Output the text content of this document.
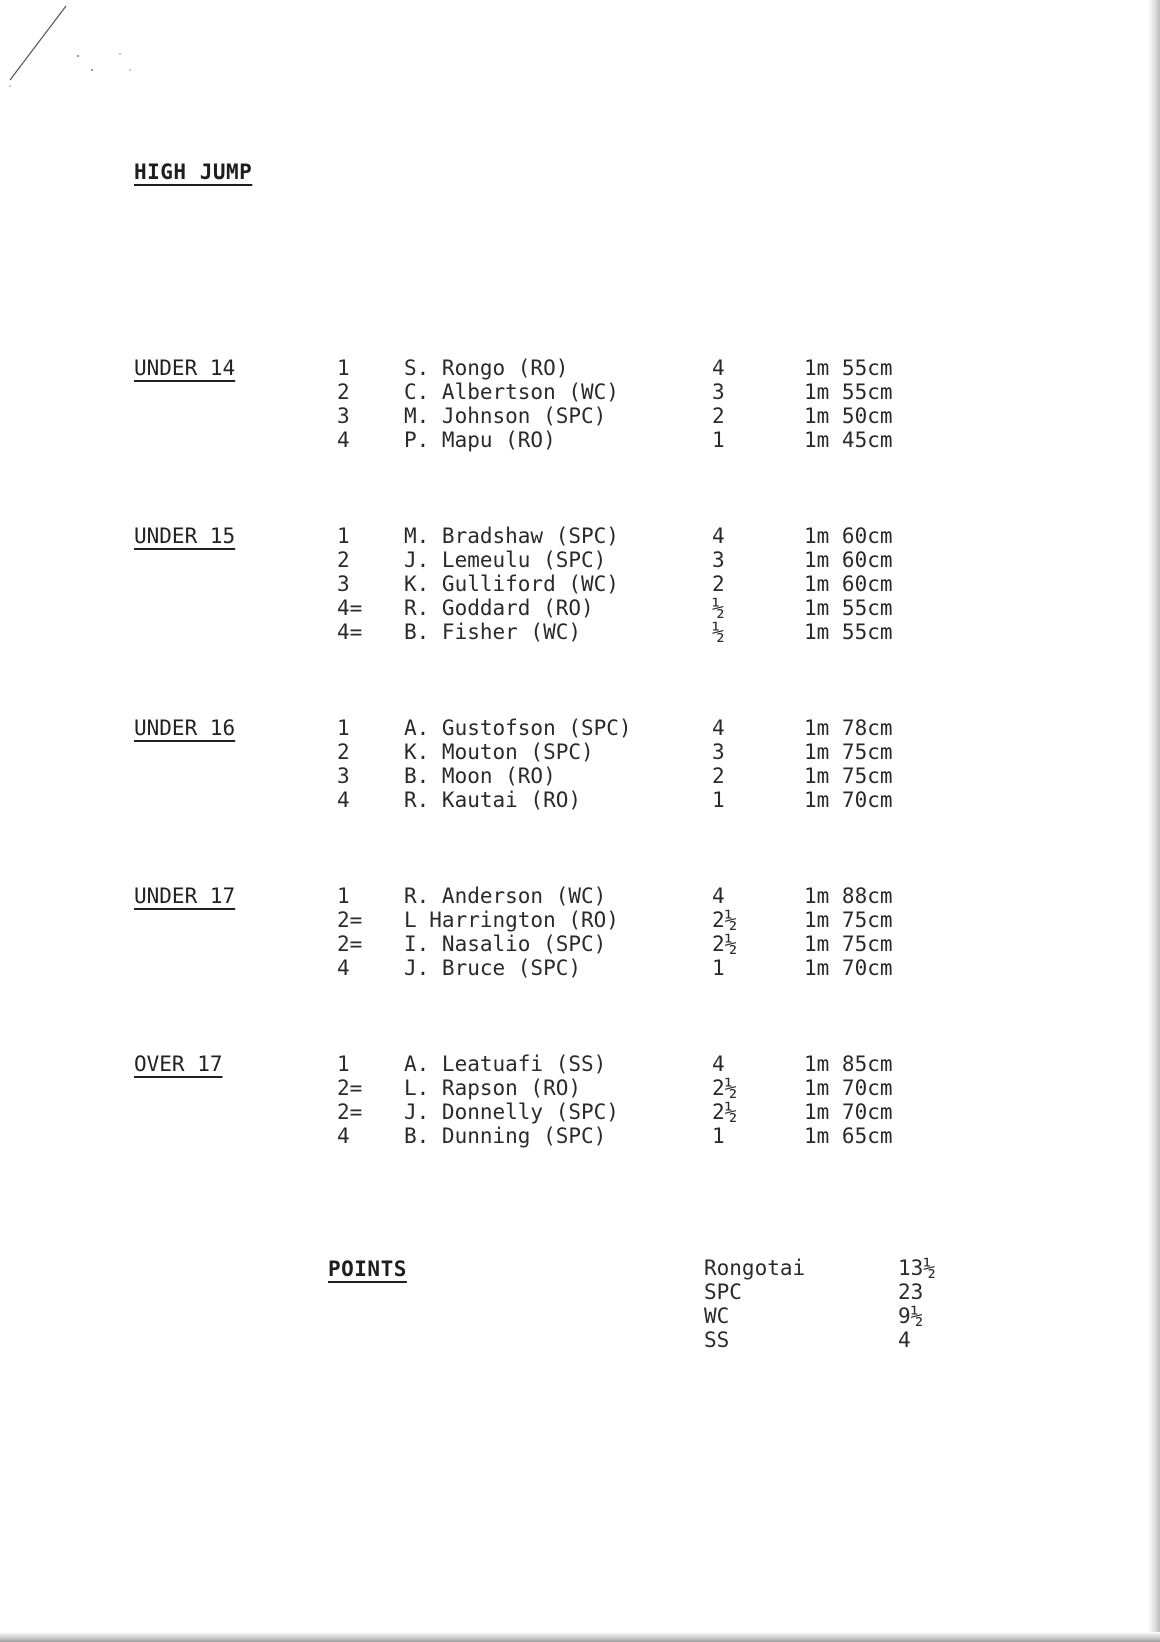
HIGH JUMP
UNDER 14	1	S. Rongo (RO)	4	1m 55cm
2	C. Albertson (WC)	3	1m 55cm
3	M. Johnson (SPC)	2	1m 50cm
4	P. Mapu (RO)	1	1m 45cm
UNDER 15	1	M. Bradshaw (SPC)	4	1m 60cm
2	J. Lemeulu (SPC)	3	1m 60cm
3	K. Gulliford (WC)	2	1m 60cm
4= R. Goddard (RO)	½	1m 55cm
4= B. Fisher (WC)	½	1m 55cm
UNDER 16	1	A. Gustofson (SPC)	4	1m 78cm
2	K. Mouton (SPC)	3	1m 75cm
3	B. Moon (RO)	2	1m 75cm
4	R. Kautai (RO)	1	1m 70cm
UNDER 17	1	R. Anderson (WC)	4	1m 88cm
2= L Harrington (RO)	2½	1m 75cm
2= I. Nasalio (SPC)	2½	1m 75cm
4	J. Bruce (SPC)	1	1m 70cm
OVER 17	1	A. Leatuafi (SS)	4	1m 85cm
2= L. Rapson (RO)	2½	1m 70cm
2= J. Donnelly (SPC)	2½	1m 70cm
4	B. Dunning (SPC)	1	1m 65cm
POINTS	Rongotai	13½
SPC	23
WC	9½
SS	4
